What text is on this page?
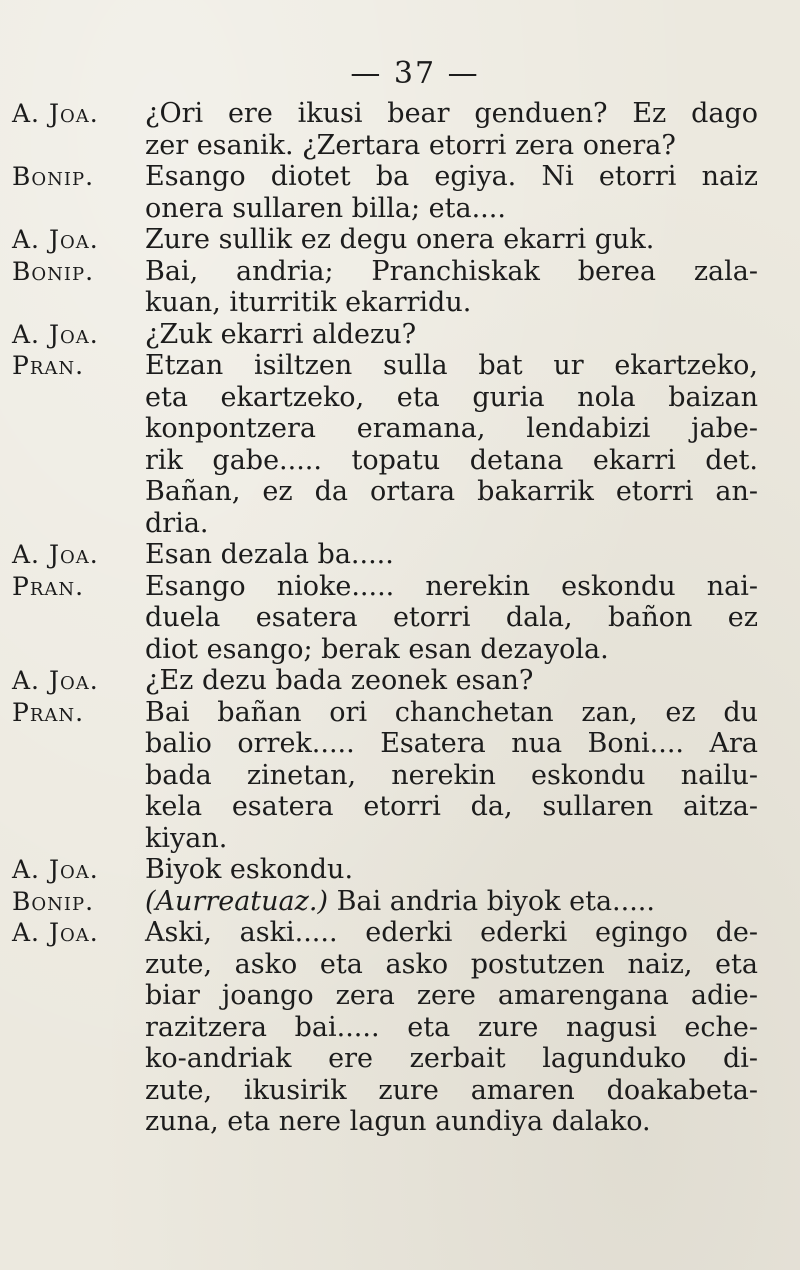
— 37 —
A. Joa.	¿Ori ere ikusi bear genduen? Ez dago
zer esanik. ¿Zertara etorri zera onera?
Bonip.	Esango diotet ba egiya. Ni etorri naiz
onera sullaren billa; eta....
A. Joa.	Zure sullik ez degu onera ekarri guk.
Bonip.	Bai, andria; Pranchiskak berea zala-
kuan, iturritik ekarridu.
A. Joa.	¿Zuk ekarri aldezu?
Pran.	Etzan isiltzen sulla bat ur ekartzeko,
eta ekartzeko, eta guria nola baizan
konpontzera eramana, lendabizi jabe-
rik gabe..... topatu detana ekarri det.
Bañan, ez da ortara bakarrik etorri an-
dria.
A. Joa.	Esan dezala ba.....
Pran.	Esango nioke..... nerekin eskondu nai-
duela esatera etorri dala, bañon ez
diot esango; berak esan dezayola.
A. Joa.	¿Ez dezu bada zeonek esan?
Pran.	Bai bañan ori chanchetan zan, ez du
balio orrek..... Esatera nua Boni.... Ara
bada zinetan, nerekin eskondu nailu-
kela esatera etorri da, sullaren aitza-
kiyan.
A. Joa.	Biyok eskondu.
Bonip.	(Aurreatuaz.) Bai andria biyok eta.....
A. Joa.	Aski, aski..... ederki ederki egingo de-
zute, asko eta asko postutzen naiz, eta
biar joango zera zere amarengana adie-
razitzera bai..... eta zure nagusi eche-
ko-andriak ere zerbait lagunduko di-
zute, ikusirik zure amaren doakabeta-
zuna, eta nere lagun aundiya dalako.
